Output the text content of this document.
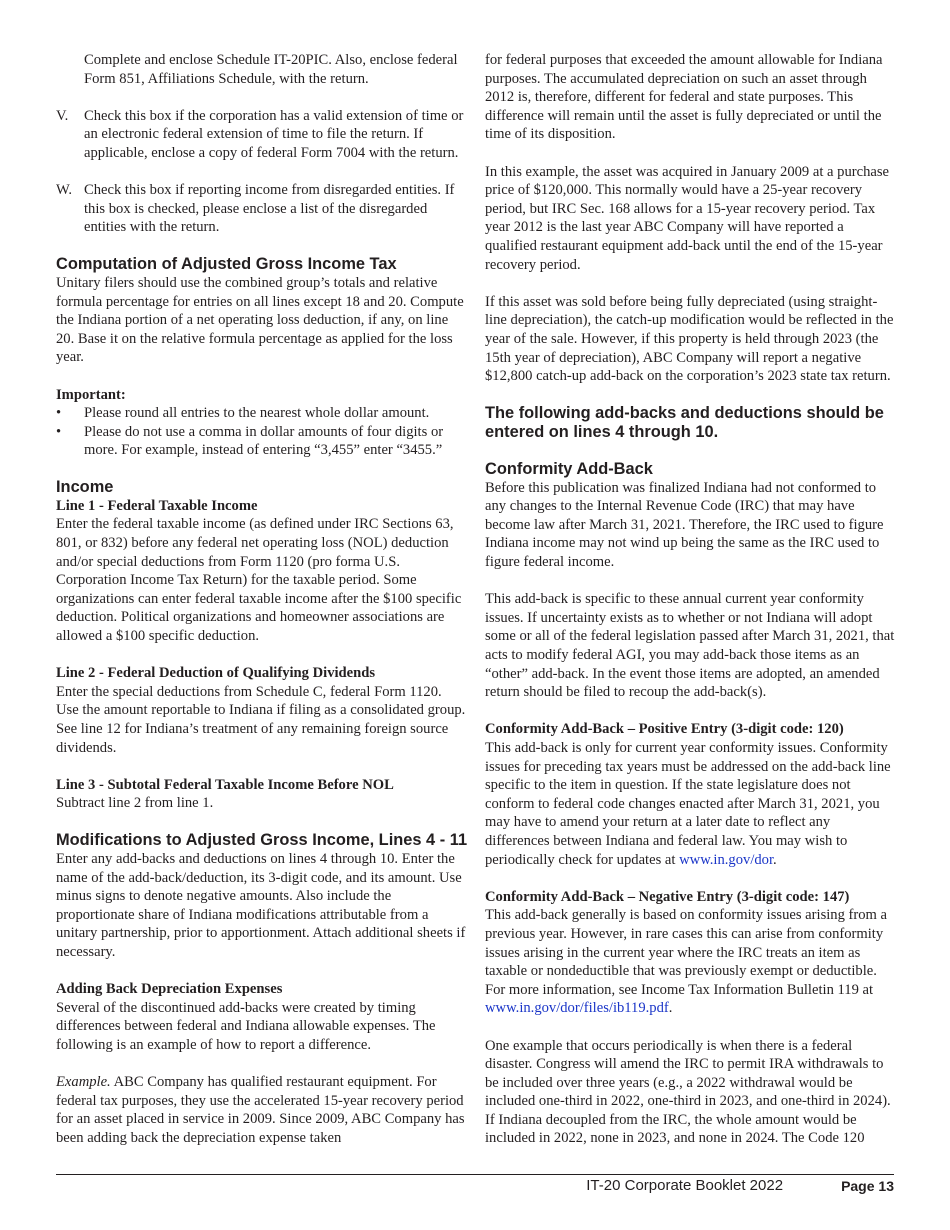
Complete and enclose Schedule IT-20PIC. Also, enclose federal Form 851, Affiliations Schedule, with the return.

V.	Check this box if the corporation has a valid extension of time or an electronic federal extension of time to file the return. If applicable, enclose a copy of federal Form 7004 with the return.
W. Check this box if reporting income from disregarded entities. If this box is checked, please enclose a list of the disregarded entities with the return.
Computation of Adjusted Gross Income Tax

Unitary filers should use the combined group’s totals and relative formula percentage for entries on all lines except 18 and 20. Compute the Indiana portion of a net operating loss deduction, if any, on line 20. Base it on the relative formula percentage as applied for the loss year.

Important:
•	Please round all entries to the nearest whole dollar amount.
•	Please do not use a comma in dollar amounts of four digits or more. For example, instead of entering “3,455” enter “3455.”
Income
Line 1 - Federal Taxable Income

Enter the federal taxable income (as defined under IRC Sections 63, 801, or 832) before any federal net operating loss (NOL) deduction and/or special deductions from Form 1120 (pro forma U.S. Corporation Income Tax Return) for the taxable period. Some organizations can enter federal taxable income after the $100 specific deduction. Political organizations and homeowner associations are allowed a $100 specific deduction.

Line 2 - Federal Deduction of Qualifying Dividends

Enter the special deductions from Schedule C, federal Form 1120. Use the amount reportable to Indiana if filing as a consolidated group. See line 12 for Indiana’s treatment of any remaining foreign source dividends.

Line 3 - Subtotal Federal Taxable Income Before NOL

Subtract line 2 from line 1.

Modifications to Adjusted Gross Income, Lines 4 - 11

Enter any add-backs and deductions on lines 4 through 10. Enter the name of the add-back/deduction, its 3-digit code, and its amount. Use minus signs to denote negative amounts. Also include the proportionate share of Indiana modifications attributable from a unitary partnership, prior to apportionment. Attach additional sheets if necessary.

Adding Back Depreciation Expenses

Several of the discontinued add-backs were created by timing differences between federal and Indiana allowable expenses. The following is an example of how to report a difference.

Example. ABC Company has qualified restaurant equipment. For federal tax purposes, they use the accelerated 15-year recovery period for an asset placed in service in 2009. Since 2009, ABC Company has been adding back the depreciation expense taken

for federal purposes that exceeded the amount allowable for Indiana purposes. The accumulated depreciation on such an asset through 2012 is, therefore, different for federal and state purposes. This difference will remain until the asset is fully depreciated or until the time of its disposition.

In this example, the asset was acquired in January 2009 at a purchase price of $120,000. This normally would have a 25-year recovery period, but IRC Sec. 168 allows for a 15-year recovery period. Tax year 2012 is the last year ABC Company will have reported a qualified restaurant equipment add-back until the end of the 15-year recovery period.

If this asset was sold before being fully depreciated (using straight-line depreciation), the catch-up modification would be reflected in the year of the sale. However, if this property is held through 2023 (the 15th year of depreciation), ABC Company will report a negative $12,800 catch-up add-back on the corporation’s 2023 state tax return.

The following add-backs and deductions should be entered on lines 4 through 10.
Conformity Add-Back

Before this publication was finalized Indiana had not conformed to any changes to the Internal Revenue Code (IRC) that may have become law after March 31, 2021. Therefore, the IRC used to figure Indiana income may not wind up being the same as the IRC used to figure federal income.

This add-back is specific to these annual current year conformity issues. If uncertainty exists as to whether or not Indiana will adopt some or all of the federal legislation passed after March 31, 2021, that acts to modify federal AGI, you may add-back those items as an “other” add-back. In the event those items are adopted, an amended return should be filed to recoup the add-back(s).

Conformity Add-Back – Positive Entry (3-digit code: 120)

This add-back is only for current year conformity issues. Conformity issues for preceding tax years must be addressed on the add-back line specific to the item in question. If the state legislature does not conform to federal code changes enacted after March 31, 2021, you may have to amend your return at a later date to reflect any differences between Indiana and federal law. You may wish to periodically check for updates at www.in.gov/dor.

Conformity Add-Back – Negative Entry (3-digit code: 147)

This add-back generally is based on conformity issues arising from a previous year. However, in rare cases this can arise from conformity issues arising in the current year where the IRC treats an item as taxable or nondeductible that was previously exempt or deductible. For more information, see Income Tax Information Bulletin 119 at www.in.gov/dor/files/ib119.pdf.

One example that occurs periodically is when there is a federal disaster. Congress will amend the IRC to permit IRA withdrawals to be included over three years (e.g., a 2022 withdrawal would be included one-third in 2022, one-third in 2023, and one-third in 2024). If Indiana decoupled from the IRC, the whole amount would be included in 2022, none in 2023, and none in 2024. The Code 120

IT-20 Corporate Booklet 2022	Page 13
